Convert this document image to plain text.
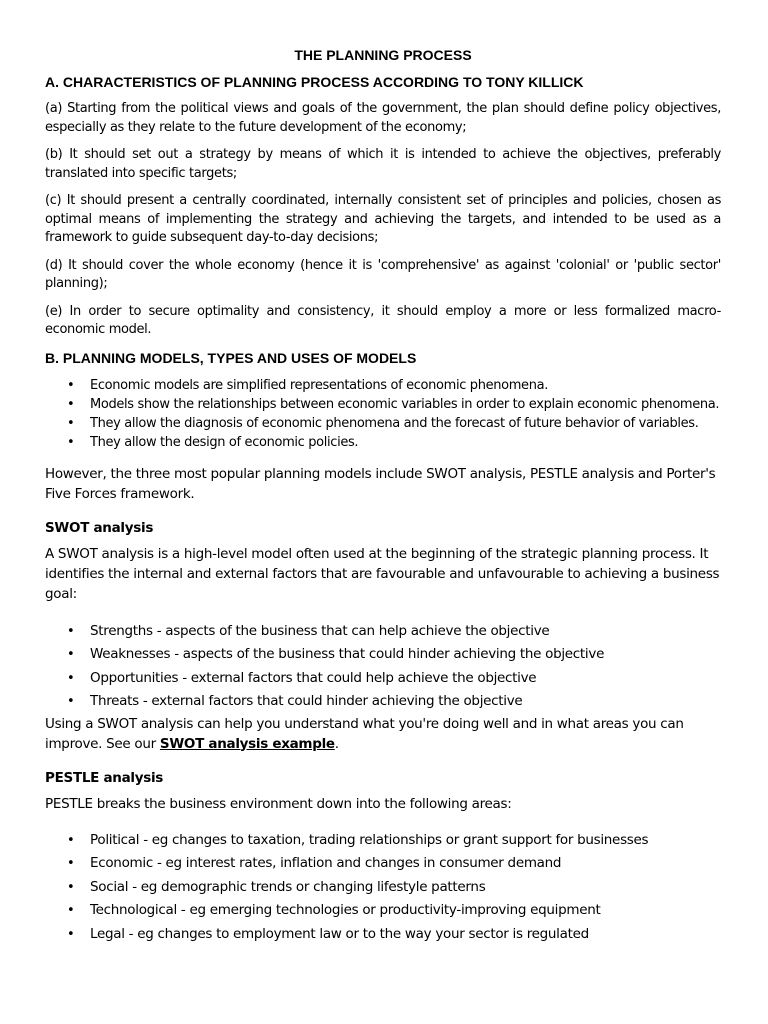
THE PLANNING PROCESS
A. CHARACTERISTICS OF PLANNING PROCESS ACCORDING TO TONY KILLICK

(a) Starting from the political views and goals of the government, the plan should define policy objectives, especially as they relate to the future development of the economy;

(b) It should set out a strategy by means of which it is intended to achieve the objectives, preferably translated into specific targets;

(c) It should present a centrally coordinated, internally consistent set of principles and policies, chosen as optimal means of implementing the strategy and achieving the targets, and intended to be used as a framework to guide subsequent day-to-day decisions;

(d) It should cover the whole economy (hence it is 'comprehensive' as against 'colonial' or 'public sector' planning);

(e) In order to secure optimality and consistency, it should employ a more or less formalized macro-economic model.

B. PLANNING MODELS, TYPES AND USES OF MODELS
• Economic models are simplified representations of economic phenomena.
• Models show the relationships between economic variables in order to explain economic phenomena.
• They allow the diagnosis of economic phenomena and the forecast of future behavior of variables.
• They allow the design of economic policies.

However, the three most popular planning models include SWOT analysis, PESTLE analysis and Porter's Five Forces framework.

SWOT analysis

A SWOT analysis is a high-level model often used at the beginning of the strategic planning process. It identifies the internal and external factors that are favourable and unfavourable to achieving a business goal:

• Strengths - aspects of the business that can help achieve the objective
• Weaknesses - aspects of the business that could hinder achieving the objective
• Opportunities - external factors that could help achieve the objective
• Threats - external factors that could hinder achieving the objective

Using a SWOT analysis can help you understand what you're doing well and in what areas you can improve. See our SWOT analysis example.

PESTLE analysis

PESTLE breaks the business environment down into the following areas:

• Political - eg changes to taxation, trading relationships or grant support for businesses
• Economic - eg interest rates, inflation and changes in consumer demand
• Social - eg demographic trends or changing lifestyle patterns
• Technological - eg emerging technologies or productivity-improving equipment
• Legal - eg changes to employment law or to the way your sector is regulated
